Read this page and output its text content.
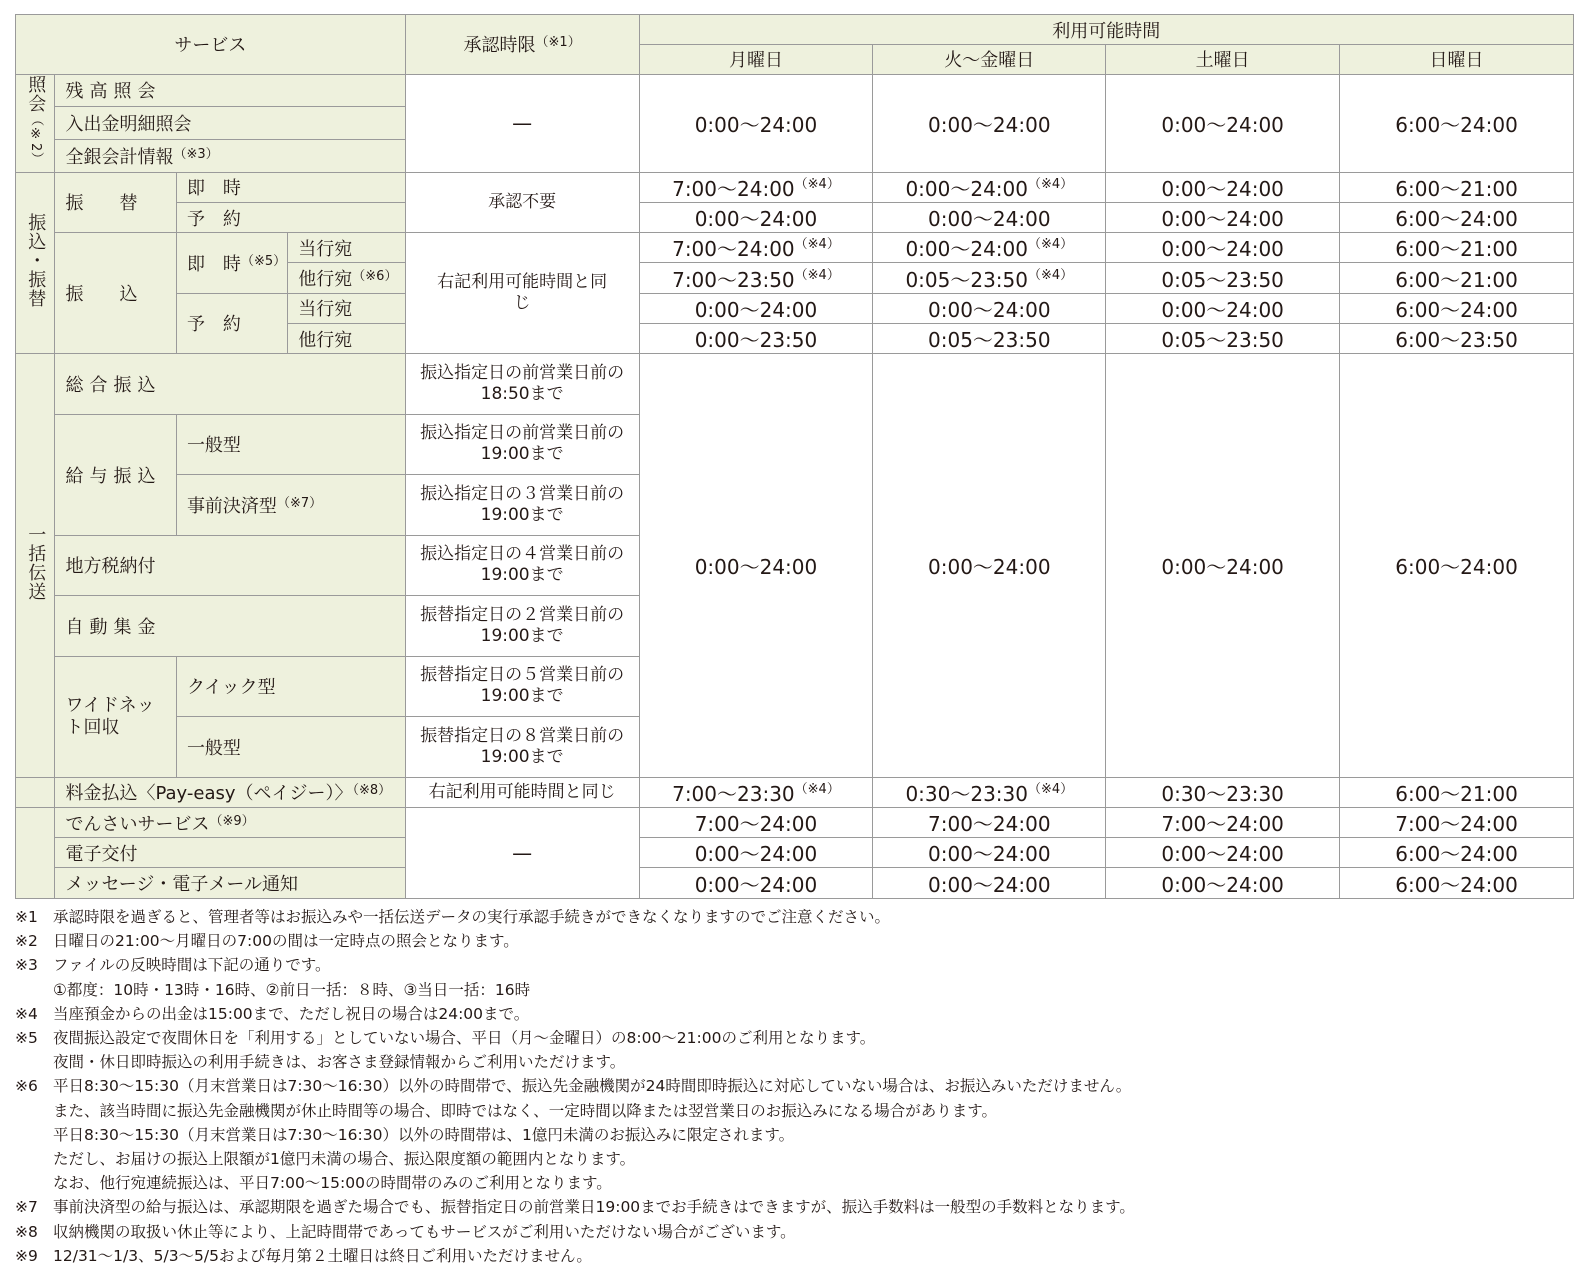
サービス				承認時限$^{(※1)}$	利用可能時間			
					月曜日	火～金曜日	土曜日	日曜日
照会（※2）	残高照会			—	0:00～24:00	0:00～24:00	0:00～24:00	6:00～24:00
	入出金明細照会							
	全銀会計情報$^{(※3)}$
振込・振替	振　　替	即　時		承認不要	7:00～24:00$^{(※4)}$	0:00～24:00$^{(※4)}$	0:00～24:00	6:00～21:00
		予　約			0:00～24:00	0:00～24:00	0:00～24:00	6:00～24:00
	振　　込	即　時$^{(※5)}$	当行宛	右記利用可能時間と同じ	7:00～24:00$^{(※4)}$	0:00～24:00$^{(※4)}$	0:00～24:00	6:00～21:00
			他行宛$^{(※6)}$		7:00～23:50$^{(※4)}$	0:05～23:50$^{(※4)}$	0:05～23:50	6:00～21:00
		予　約	当行宛		0:00～24:00	0:00～24:00	0:00～24:00	6:00～24:00
			他行宛		0:00～23:50	0:05～23:50	0:05～23:50	6:00～23:50
一括伝送	総合振込			振込指定日の前営業日前の18:50まで	0:00～24:00	0:00～24:00	0:00～24:00	6:00～24:00
	給与振込	一般型		振込指定日の前営業日前の19:00まで				
		事前決済型$^{(※7)}$		振込指定日の３営業日前の19:00まで				
	地方税納付			振込指定日の４営業日前の19:00まで				
	自動集金			振替指定日の２営業日前の19:00まで				
	ワイドネット回収	クイック型		振替指定日の５営業日前の19:00まで				
		一般型		振替指定日の８営業日前の19:00まで				
	料金払込〈Pay-easy（ペイジー）〉$^{(※8)}$			右記利用可能時間と同じ	7:00～23:30$^{(※4)}$	0:30～23:30$^{(※4)}$	0:30～23:30	6:00～21:00
	でんさいサービス$^{(※9)}$			—	7:00～24:00	7:00～24:00	7:00～24:00	7:00～24:00
	電子交付				0:00～24:00	0:00～24:00	0:00～24:00	6:00～24:00
	メッセージ・電子メール通知				0:00～24:00	0:00～24:00	0:00～24:00	6:00～24:00
※1 承認時限を過ぎると、管理者等はお振込みや一括伝送データの実行承認手続きができなくなりますのでご注意ください。
※2 日曜日の21:00～月曜日の7:00の間は一定時点の照会となります。
※3 ファイルの反映時間は下記の通りです。
①都度：10時・13時・16時、②前日一括：８時、③当日一括：16時
※4 当座預金からの出金は15:00まで、ただし祝日の場合は24:00まで。
※5 夜間振込設定で夜間休日を「利用する」としていない場合、平日（月～金曜日）の8:00～21:00のご利用となります。
夜間・休日即時振込の利用手続きは、お客さま登録情報からご利用いただけます。
※6 平日8:30～15:30（月末営業日は7:30～16:30）以外の時間帯で、振込先金融機関が24時間即時振込に対応していない場合は、お振込みいただけません。
また、該当時間に振込先金融機関が休止時間等の場合、即時ではなく、一定時間以降または翌営業日のお振込みになる場合があります。
平日8:30～15:30（月末営業日は7:30～16:30）以外の時間帯は、1億円未満のお振込みに限定されます。
ただし、お届けの振込上限額が1億円未満の場合、振込限度額の範囲内となります。
なお、他行宛連続振込は、平日7:00～15:00の時間帯のみのご利用となります。
※7 事前決済型の給与振込は、承認期限を過ぎた場合でも、振替指定日の前営業日19:00までお手続きはできますが、振込手数料は一般型の手数料となります。
※8 収納機関の取扱い休止等により、上記時間帯であってもサービスがご利用いただけない場合がございます。
※9 12/31～1/3、5/3～5/5および毎月第２土曜日は終日ご利用いただけません。
